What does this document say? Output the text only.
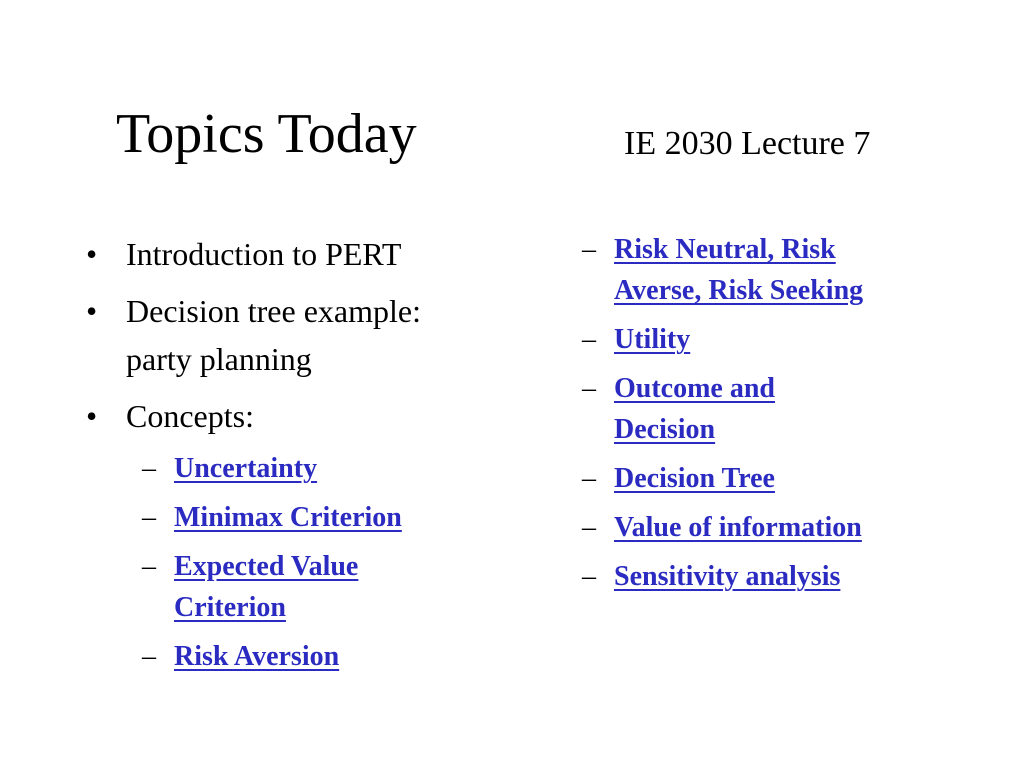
Topics Today	IE 2030 Lecture 7
• Introduction to PERT
• Decision tree example:
party planning
• Concepts:
– Uncertainty
– Minimax Criterion
– Expected Value
Criterion
– Risk Aversion
– Risk Neutral, Risk
Averse, Risk Seeking
– Utility
– Outcome and
Decision
– Decision Tree
– Value of information
– Sensitivity analysis
